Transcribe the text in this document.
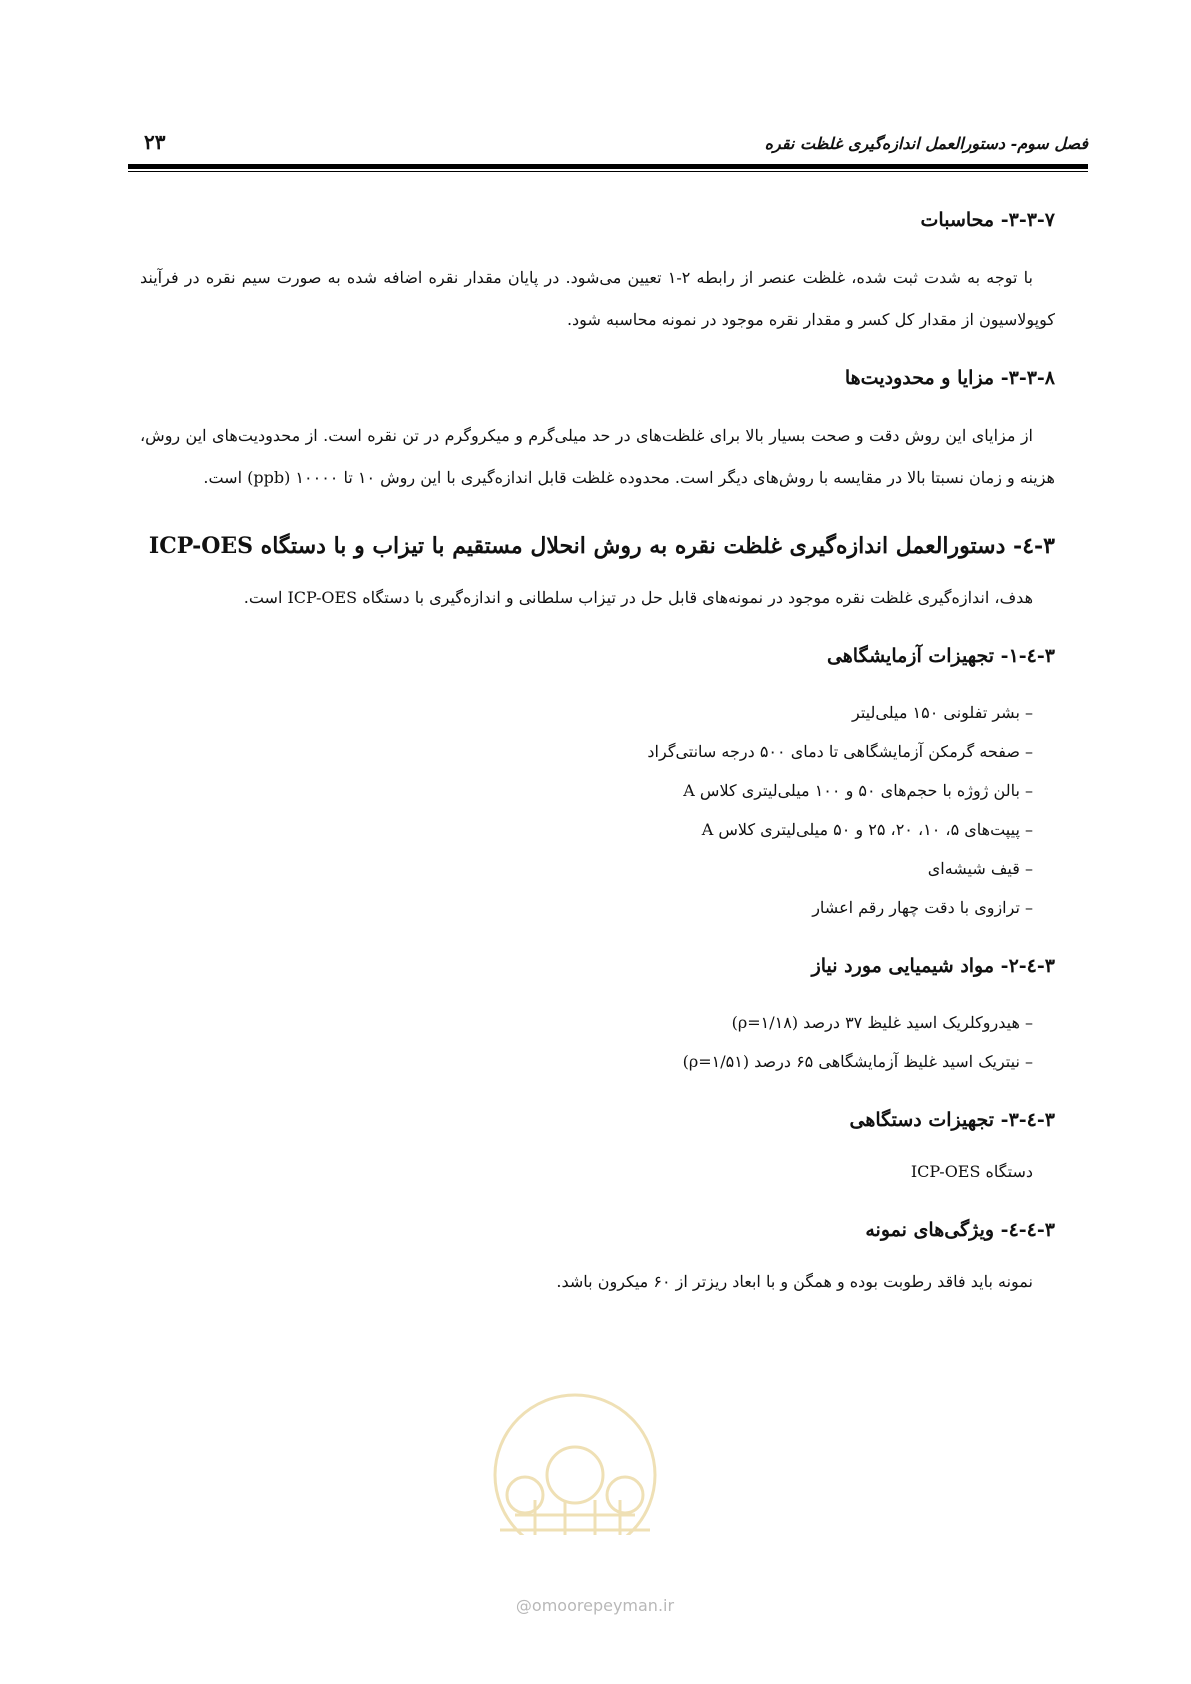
فصل سوم- دستورالعمل اندازه‌گیری غلظت نقره
۲۳
۳-۳-۷- محاسبات

با توجه به شدت ثبت شده، غلظت عنصر از رابطه ۲-۱ تعیین می‌شود. در پایان مقدار نقره اضافه شده به صورت سیم نقره در فرآیند کوپولاسیون از مقدار کل کسر و مقدار نقره موجود در نمونه محاسبه شود.

۳-۳-۸- مزایا و محدودیت‌ها

از مزایای این روش دقت و صحت بسیار بالا برای غلظت‌های در حد میلی‌گرم و میکروگرم در تن نقره است. از محدودیت‌های این روش، هزینه و زمان نسبتا بالا در مقایسه با روش‌های دیگر است. محدوده غلظت قابل اندازه‌گیری با این روش ۱۰ تا ۱۰۰۰۰ (ppb) است.

۳-٤- دستورالعمل اندازه‌گیری غلظت نقره به روش انحلال مستقیم با تیزاب و با دستگاه ICP-OES

هدف، اندازه‌گیری غلظت نقره موجود در نمونه‌های قابل حل در تیزاب سلطانی و اندازه‌گیری با دستگاه ICP-OES است.

۳-٤-۱- تجهیزات آزمایشگاهی
– بشر تفلونی ۱۵۰ میلی‌لیتر
– صفحه گرمکن آزمایشگاهی تا دمای ۵۰۰ درجه سانتی‌گراد
– بالن ژوژه با حجم‌های ۵۰ و ۱۰۰ میلی‌لیتری کلاس A
– پیپت‌های ۵، ۱۰، ۲۰، ۲۵ و ۵۰ میلی‌لیتری کلاس A
– قیف شیشه‌ای
– ترازوی با دقت چهار رقم اعشار
۳-٤-۲- مواد شیمیایی مورد نیاز
– هیدروکلریک اسید غلیظ ۳۷ درصد (ρ=۱/۱۸)
– نیتریک اسید غلیظ آزمایشگاهی ۶۵ درصد (ρ=۱/۵۱)
۳-٤-۳- تجهیزات دستگاهی

دستگاه ICP-OES

۳-٤-٤- ویژگی‌های نمونه

نمونه باید فاقد رطوبت بوده و همگن و با ابعاد ریزتر از ۶۰ میکرون باشد.

@omoorepeyman.ir
